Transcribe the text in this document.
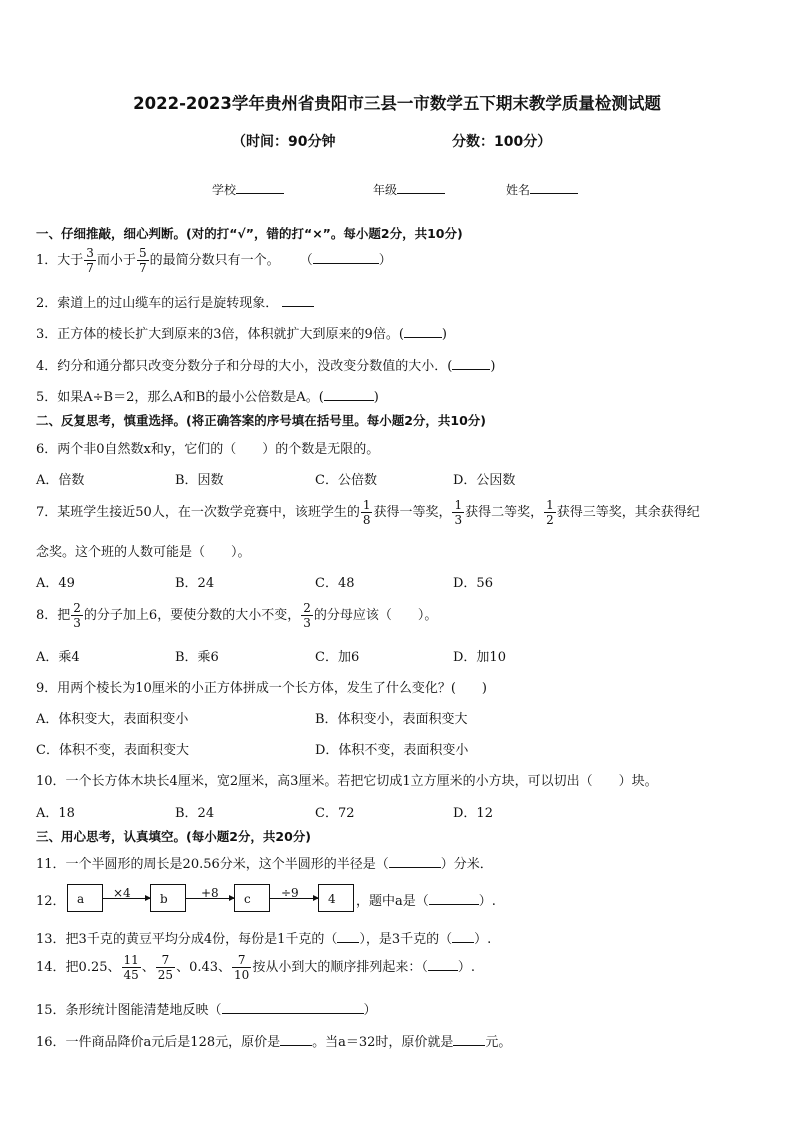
2022-2023学年贵州省贵阳市三县一市数学五下期末教学质量检测试题
（时间：90分钟	分数：100分）
学校	年级	姓名
一、仔细推敲，细心判断。(对的打“√”，错的打“×”。每小题2分，共10分)
1．大于 $\frac{3}{7}$ 而小于 $\frac{5}{7}$ 的最简分数只有一个。 （	）
2．索道上的过山缆车的运行是旋转现象．
3．正方体的棱长扩大到原来的3倍，体积就扩大到原来的9倍。(	)
4．约分和通分都只改变分数分子和分母的大小，没改变分数值的大小．(	)
5．如果A÷B＝2，那么A和B的最小公倍数是A。(	)
二、反复思考，慎重选择。(将正确答案的序号填在括号里。每小题2分，共10分)
6．两个非0自然数x和y，它们的（　　）的个数是无限的。
A．倍数	B．因数	C．公倍数	D．公因数
7．某班学生接近50人，在一次数学竞赛中，该班学生的 $\frac{1}{8}$ 获得一等奖， $\frac{1}{3}$ 获得二等奖， $\frac{1}{2}$ 获得三等奖，其余获得纪
念奖。这个班的人数可能是（　　）。
A．49	B．24	C．48	D．56
8．把 $\frac{2}{3}$ 的分子加上6，要使分数的大小不变， $\frac{2}{3}$ 的分母应该（　　）。
A．乘4	B．乘6	C．加6	D．加10
9．用两个棱长为10厘米的小正方体拼成一个长方体，发生了什么变化？(　　)
A．体积变大，表面积变小	B．体积变小，表面积变大
C．体积不变，表面积变大	D．体积不变，表面积变小
10．一个长方体木块长4厘米，宽2厘米，高3厘米。若把它切成1立方厘米的小方块，可以切出（　　）块。
A．18	B．24	C．72	D．12
三、用心思考，认真填空。(每小题2分，共20分)
11．一个半圆形的周长是20.56分米，这个半圆形的半径是（	）分米．
12． a	×4	b	+8	c	÷9	4	，题中a是（	）.
13．把3千克的黄豆平均分成4份，每份是1千克的（ ），是3千克的（ ）.
14．把0.25、 $\frac{11}{45}$ 、 $\frac{7}{25}$ 、0.43、 $\frac{7}{10}$ 按从小到大的顺序排列起来：（ ）.
15．条形统计图能清楚地反映（	）
16．一件商品降价a元后是128元，原价是 。当a＝32时，原价就是 元。
